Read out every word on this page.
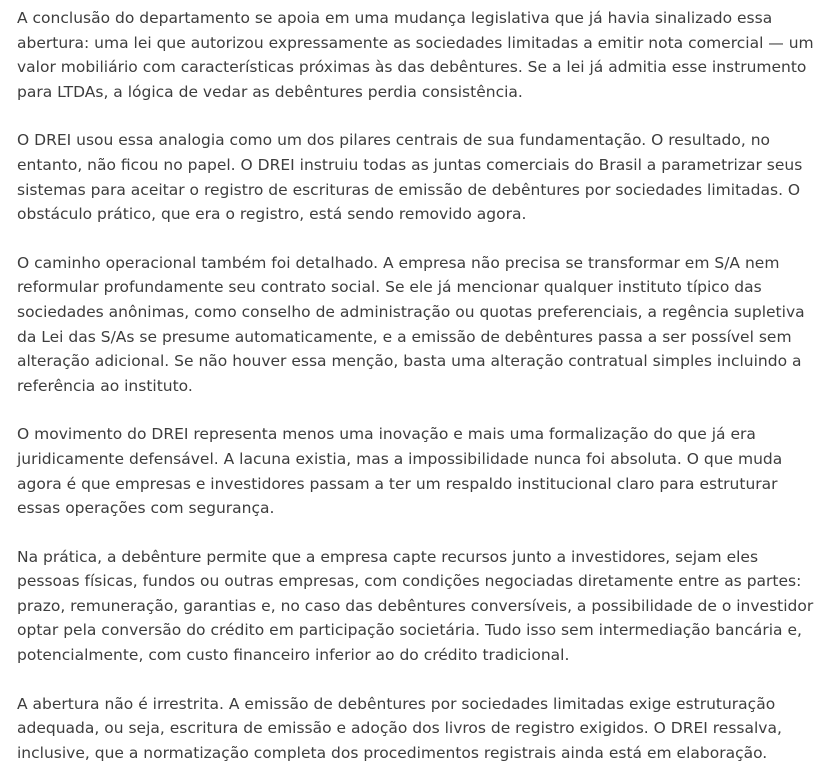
A conclusão do departamento se apoia em uma mudança legislativa que já havia sinalizado essa abertura: uma lei que autorizou expressamente as sociedades limitadas a emitir nota comercial — um valor mobiliário com características próximas às das debêntures. Se a lei já admitia esse instrumento para LTDAs, a lógica de vedar as debêntures perdia consistência.

O DREI usou essa analogia como um dos pilares centrais de sua fundamentação. O resultado, no entanto, não ficou no papel. O DREI instruiu todas as juntas comerciais do Brasil a parametrizar seus sistemas para aceitar o registro de escrituras de emissão de debêntures por sociedades limitadas. O obstáculo prático, que era o registro, está sendo removido agora.

O caminho operacional também foi detalhado. A empresa não precisa se transformar em S/A nem reformular profundamente seu contrato social. Se ele já mencionar qualquer instituto típico das sociedades anônimas, como conselho de administração ou quotas preferenciais, a regência supletiva da Lei das S/As se presume automaticamente, e a emissão de debêntures passa a ser possível sem alteração adicional. Se não houver essa menção, basta uma alteração contratual simples incluindo a referência ao instituto.

O movimento do DREI representa menos uma inovação e mais uma formalização do que já era juridicamente defensável. A lacuna existia, mas a impossibilidade nunca foi absoluta. O que muda agora é que empresas e investidores passam a ter um respaldo institucional claro para estruturar essas operações com segurança.

Na prática, a debênture permite que a empresa capte recursos junto a investidores, sejam eles pessoas físicas, fundos ou outras empresas, com condições negociadas diretamente entre as partes: prazo, remuneração, garantias e, no caso das debêntures conversíveis, a possibilidade de o investidor optar pela conversão do crédito em participação societária. Tudo isso sem intermediação bancária e, potencialmente, com custo financeiro inferior ao do crédito tradicional.

A abertura não é irrestrita. A emissão de debêntures por sociedades limitadas exige estruturação adequada, ou seja, escritura de emissão e adoção dos livros de registro exigidos. O DREI ressalva, inclusive, que a normatização completa dos procedimentos registrais ainda está em elaboração.
